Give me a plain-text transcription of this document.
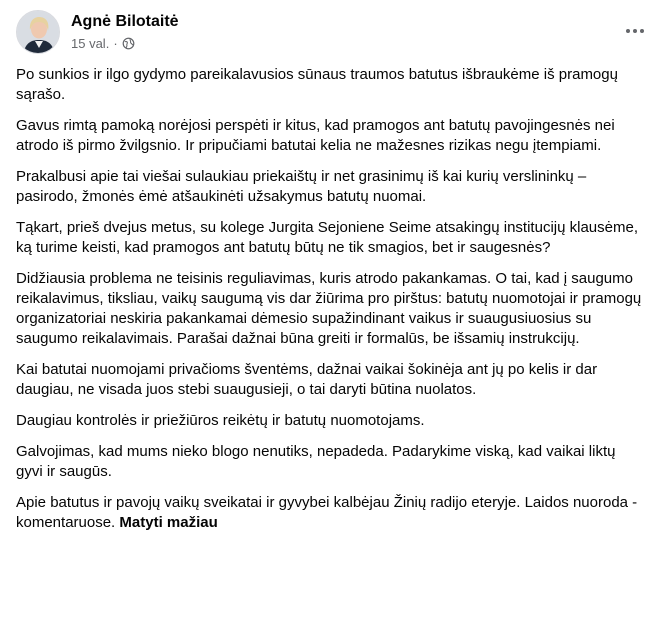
Agnė Bilotaitė
15 val. ·

Po sunkios ir ilgo gydymo pareikalavusios sūnaus traumos batutus išbraukėme iš pramogų sąrašo.

Gavus rimtą pamoką norėjosi perspėti ir kitus, kad pramogos ant batutų pavojingesnės nei atrodo iš pirmo žvilgsnio. Ir pripučiami batutai kelia ne mažesnes rizikas negu įtempiami.

Prakalbusi apie tai viešai sulaukiau priekaištų ir net grasinimų iš kai kurių verslininkų – pasirodo, žmonės ėmė atšaukinėti užsakymus batutų nuomai.

Tąkart, prieš dvejus metus, su kolege Jurgita Sejoniene Seime atsakingų institucijų klausėme, ką turime keisti, kad pramogos ant batutų būtų ne tik smagios, bet ir saugesnės?

Didžiausia problema ne teisinis reguliavimas, kuris atrodo pakankamas. O tai, kad į saugumo reikalavimus, tiksliau, vaikų saugumą vis dar žiūrima pro pirštus: batutų nuomotojai ir pramogų organizatoriai neskiria pakankamai dėmesio supažindinant vaikus ir suaugusiuosius su saugumo reikalavimais. Parašai dažnai būna greiti ir formalūs, be išsamių instrukcijų.

Kai batutai nuomojami privačioms šventėms, dažnai vaikai šokinėja ant jų po kelis ir dar daugiau, ne visada juos stebi suaugusieji, o tai daryti būtina nuolatos.

Daugiau kontrolės ir priežiūros reikėtų ir batutų nuomotojams.

Galvojimas, kad mums nieko blogo nenutiks, nepadeda. Padarykime viską, kad vaikai liktų gyvi ir saugūs.

Apie batutus ir pavojų vaikų sveikatai ir gyvybei kalbėjau Žinių radijo eteryje. Laidos nuoroda - komentaruose. Matyti mažiau
